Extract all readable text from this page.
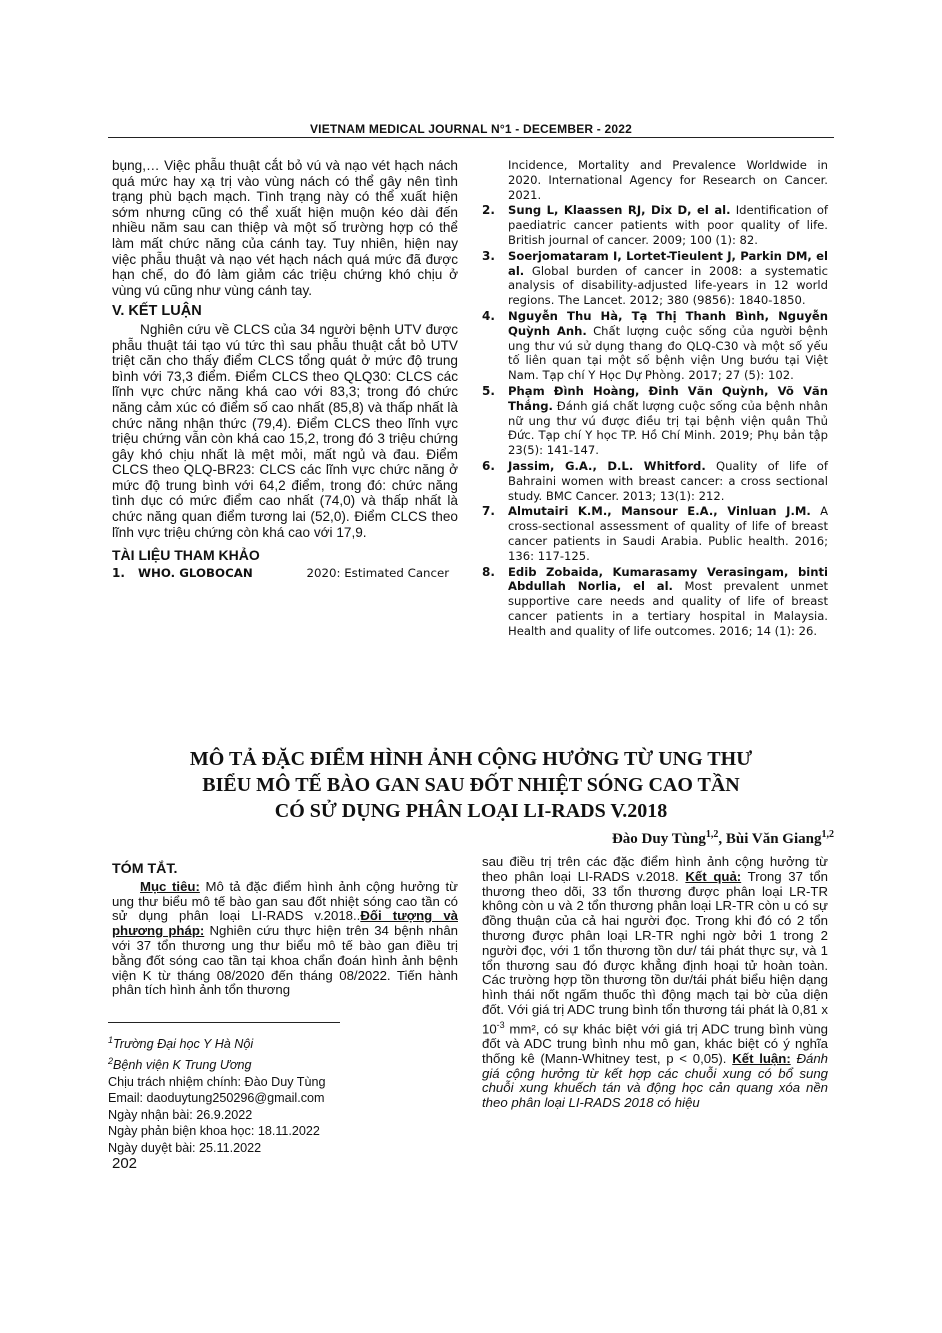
VIETNAM MEDICAL JOURNAL N°1 - DECEMBER - 2022

bụng,… Việc phẫu thuật cắt bỏ vú và nạo vét hạch nách quá mức hay xạ trị vào vùng nách có thể gây nên tình trạng phù bạch mạch. Tình trạng này có thể xuất hiện sớm nhưng cũng có thể xuất hiện muộn kéo dài đến nhiều năm sau can thiệp và một số trường hợp có thể làm mất chức năng của cánh tay. Tuy nhiên, hiện nay việc phẫu thuật và nạo vét hạch nách quá mức đã được hạn chế, do đó làm giảm các triệu chứng khó chịu ở vùng vú cũng như vùng cánh tay.

V. KẾT LUẬN

Nghiên cứu về CLCS của 34 người bệnh UTV được phẫu thuật tái tạo vú tức thì sau phẫu thuật cắt bỏ UTV triệt căn cho thấy điểm CLCS tổng quát ở mức độ trung bình với 73,3 điểm. Điểm CLCS theo QLQ30: CLCS các lĩnh vực chức năng khá cao với 83,3; trong đó chức năng cảm xúc có điểm số cao nhất (85,8) và thấp nhất là chức năng nhận thức (79,4). Điểm CLCS theo lĩnh vực triệu chứng vẫn còn khá cao 15,2, trong đó 3 triệu chứng gây khó chịu nhất là mệt mỏi, mất ngủ và đau. Điểm CLCS theo QLQ-BR23: CLCS các lĩnh vực chức năng ở mức độ trung bình với 64,2 điểm, trong đó: chức năng tình dục có mức điểm cao nhất (74,0) và thấp nhất là chức năng quan điểm tương lai (52,0). Điểm CLCS theo lĩnh vực triệu chứng còn khá cao với 17,9.

TÀI LIỆU THAM KHẢO

1.	WHO. GLOBOCAN	2020: Estimated Cancer
Incidence, Mortality and Prevalence Worldwide in 2020. International Agency for Research on Cancer. 2021.
2.	Sung L, Klaassen RJ, Dix D, el al. Identification of paediatric cancer patients with poor quality of life. British journal of cancer. 2009; 100 (1): 82.
3.	Soerjomataram I, Lortet-Tieulent J, Parkin DM, el al. Global burden of cancer in 2008: a systematic analysis of disability-adjusted life-years in 12 world regions. The Lancet. 2012; 380 (9856): 1840-1850.
4.	Nguyễn Thu Hà, Tạ Thị Thanh Bình, Nguyễn Quỳnh Anh. Chất lượng cuộc sống của người bệnh ung thư vú sử dụng thang đo QLQ-C30 và một số yếu tố liên quan tại một số bệnh viện Ung bướu tại Việt Nam. Tạp chí Y Học Dự Phòng. 2017; 27 (5): 102.
5.	Phạm Đình Hoàng, Đinh Văn Quỳnh, Võ Văn Thắng. Đánh giá chất lượng cuộc sống của bệnh nhân nữ ung thư vú được điều trị tại bệnh viện quân Thủ Đức. Tạp chí Y học TP. Hồ Chí Minh. 2019; Phụ bản tập 23(5): 141-147.
6.	Jassim, G.A., D.L. Whitford. Quality of life of Bahraini women with breast cancer: a cross sectional study. BMC Cancer. 2013; 13(1): 212.
7.	Almutairi K.M., Mansour E.A., Vinluan J.M. A cross-sectional assessment of quality of life of breast cancer patients in Saudi Arabia. Public health. 2016; 136: 117-125.
8.	Edib Zobaida, Kumarasamy Verasingam, binti Abdullah Norlia, el al. Most prevalent unmet supportive care needs and quality of life of breast cancer patients in a tertiary hospital in Malaysia. Health and quality of life outcomes. 2016; 14 (1): 26.
MÔ TẢ ĐẶC ĐIỂM HÌNH ẢNH CỘNG HƯỞNG TỪ UNG THƯ
BIỂU MÔ TẾ BÀO GAN SAU ĐỐT NHIỆT SÓNG CAO TẦN
CÓ SỬ DỤNG PHÂN LOẠI LI-RADS V.2018
Đào Duy Tùng$^{1,2}$, Bùi Văn Giang$^{1,2}$

TÓM TẮT.

Mục tiêu: Mô tả đặc điểm hình ảnh cộng hưởng từ ung thư biểu mô tế bào gan sau đốt nhiệt sóng cao tần có sử dụng phân loại LI-RADS v.2018..Đối tượng và phương pháp: Nghiên cứu thực hiện trên 34 bệnh nhân với 37 tổn thương ung thư biểu mô tế bào gan điều trị bằng đốt sóng cao tần tại khoa chẩn đoán hình ảnh bệnh viện K từ tháng 08/2020 đến tháng 08/2022. Tiến hành phân tích hình ảnh tổn thương

sau điều trị trên các đặc điểm hình ảnh cộng hưởng từ theo phân loại LI-RADS v.2018. Kết quả: Trong 37 tổn thương theo dõi, 33 tổn thương được phân loại LR-TR không còn u và 2 tổn thương phân loại LR-TR còn u có sự đồng thuận của cả hai người đọc. Trong khi đó có 2 tổn thương được phân loại LR-TR nghi ngờ bởi 1 trong 2 người đọc, với 1 tổn thương tồn dư/ tái phát thực sự, và 1 tổn thương sau đó được khẳng định hoại tử hoàn toàn. Các trường hợp tồn thương tồn dư/tái phát biểu hiện dạng hình thái nốt ngấm thuốc thì động mạch tại bờ của diện đốt. Với giá trị ADC trung bình tổn thương tái phát là 0,81 x $10^{-3}$ mm², có sự khác biệt với giá trị ADC trung bình vùng đốt và ADC trung bình nhu mô gan, khác biệt có ý nghĩa thống kê (Mann-Whitney test, p < 0,05). Kết luận: Đánh giá cộng hưởng từ kết hợp các chuỗi xung có bổ sung chuỗi xung khuếch tán và động học cản quang xóa nền theo phân loại LI-RADS 2018 có hiệu

$^1$Trường Đại học Y Hà Nội
$^2$Bệnh viện K Trung Ương
Chịu trách nhiệm chính: Đào Duy Tùng
Email: daoduytung250296@gmail.com
Ngày nhận bài: 26.9.2022
Ngày phản biện khoa học: 18.11.2022
Ngày duyệt bài: 25.11.2022
202
